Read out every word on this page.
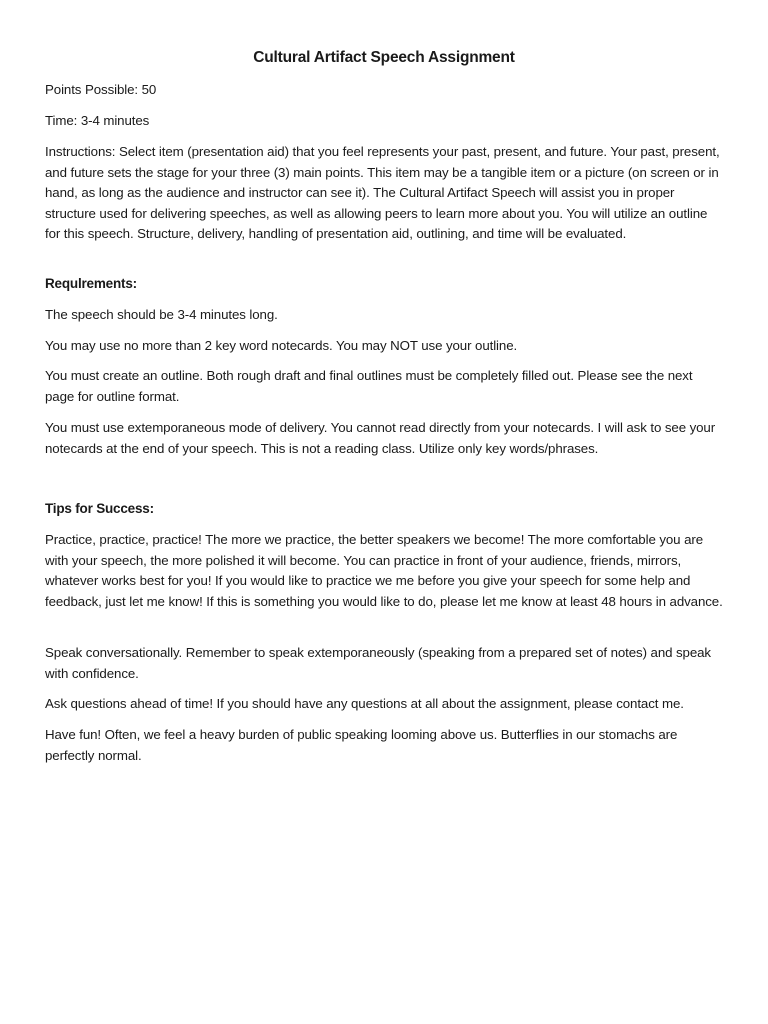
Cultural Artifact Speech Assignment

Points Possible: 50

Time: 3-4 minutes

Instructions: Select item (presentation aid) that you feel represents your past, present, and future. Your past, present, and future sets the stage for your three (3) main points. This item may be a tangible item or a picture (on screen or in hand, as long as the audience and instructor can see it). The Cultural Artifact Speech will assist you in proper structure used for delivering speeches, as well as allowing peers to learn more about you. You will utilize an outline for this speech. Structure, delivery, handling of presentation aid, outlining, and time will be evaluated.

Requlrements:

The speech should be 3-4 minutes long.

You may use no more than 2 key word notecards. You may NOT use your outline.

You must create an outline. Both rough draft and final outlines must be completely filled out. Please see the next page for outline format.

You must use extemporaneous mode of delivery. You cannot read directly from your notecards. I will ask to see your notecards at the end of your speech. This is not a reading class. Utilize only key words/phrases.

Tips for Success:

Practice, practice, practice! The more we practice, the better speakers we become! The more comfortable you are with your speech, the more polished it will become. You can practice in front of your audience, friends, mirrors, whatever works best for you! If you would like to practice we me before you give your speech for some help and feedback, just let me know! If this is something you would like to do, please let me know at least 48 hours in advance.

Speak conversationally. Remember to speak extemporaneously (speaking from a prepared set of notes) and speak with confidence.

Ask questions ahead of time! If you should have any questions at all about the assignment, please contact me.

Have fun! Often, we feel a heavy burden of public speaking looming above us. Butterflies in our stomachs are perfectly normal.
